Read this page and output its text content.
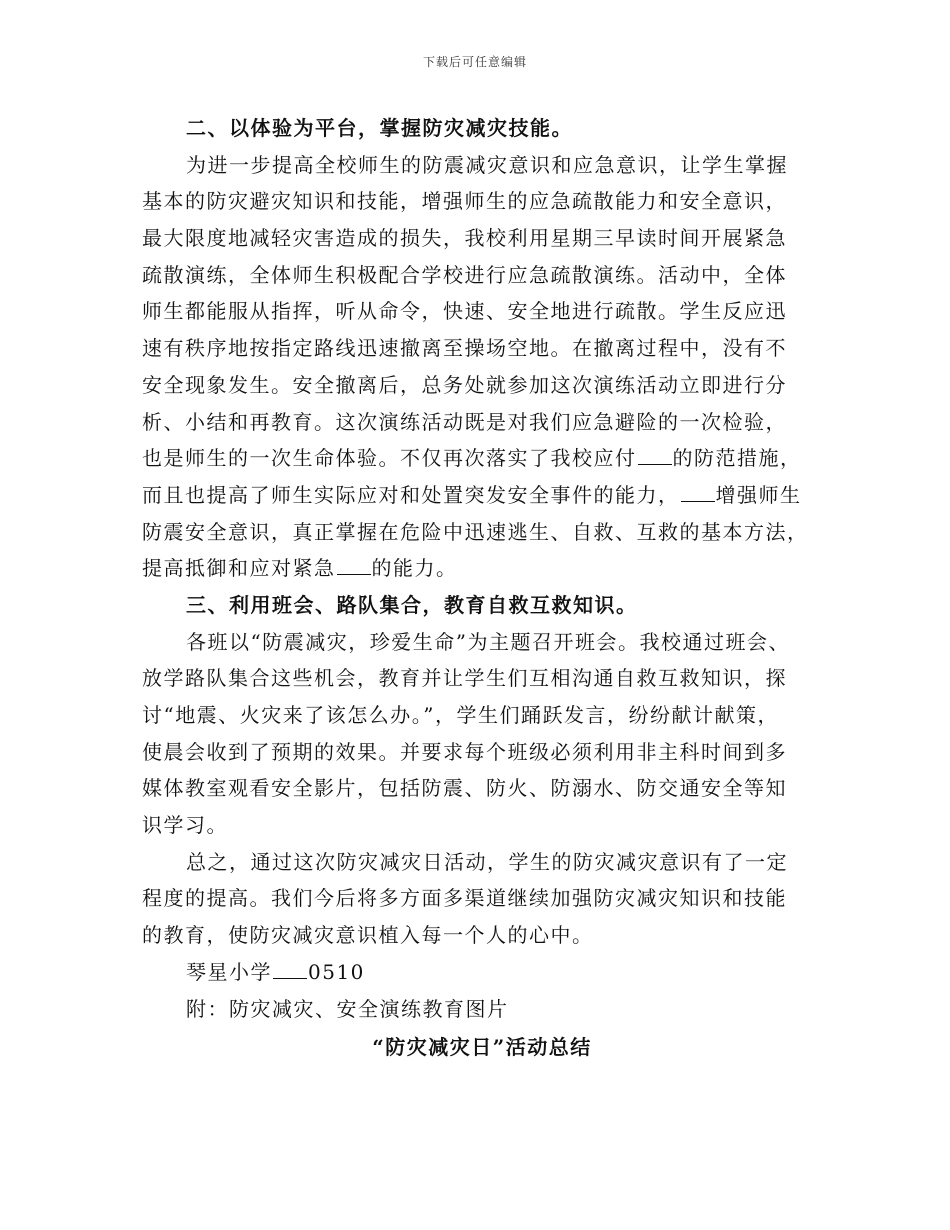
下载后可任意编辑
二、以体验为平台，掌握防灾减灾技能。
为进一步提高全校师生的防震减灾意识和应急意识，让学生掌握
基本的防灾避灾知识和技能，增强师生的应急疏散能力和安全意识，
最大限度地减轻灾害造成的损失，我校利用星期三早读时间开展紧急
疏散演练，全体师生积极配合学校进行应急疏散演练。活动中，全体
师生都能服从指挥，听从命令，快速、安全地进行疏散。学生反应迅
速有秩序地按指定路线迅速撤离至操场空地。在撤离过程中，没有不
安全现象发生。安全撤离后，总务处就参加这次演练活动立即进行分
析、小结和再教育。这次演练活动既是对我们应急避险的一次检验，
也是师生的一次生命体验。不仅再次落实了我校应付 的防范措施，
而且也提高了师生实际应对和处置突发安全事件的能力， 增强师生
防震安全意识，真正掌握在危险中迅速逃生、自救、互救的基本方法，
提高抵御和应对紧急 的能力。
三、利用班会、路队集合，教育自救互救知识。
各班以“防震减灾，珍爱生命”为主题召开班会。我校通过班会、
放学路队集合这些机会，教育并让学生们互相沟通自救互救知识，探
讨“地震、火灾来了该怎么办。”，学生们踊跃发言，纷纷献计献策，
使晨会收到了预期的效果。并要求每个班级必须利用非主科时间到多
媒体教室观看安全影片，包括防震、防火、防溺水、防交通安全等知
识学习。
总之，通过这次防灾减灾日活动，学生的防灾减灾意识有了一定
程度的提高。我们今后将多方面多渠道继续加强防灾减灾知识和技能
的教育，使防灾减灾意识植入每一个人的心中。
琴星小学 0510
附：防灾减灾、安全演练教育图片
“防灾减灾日”活动总结
